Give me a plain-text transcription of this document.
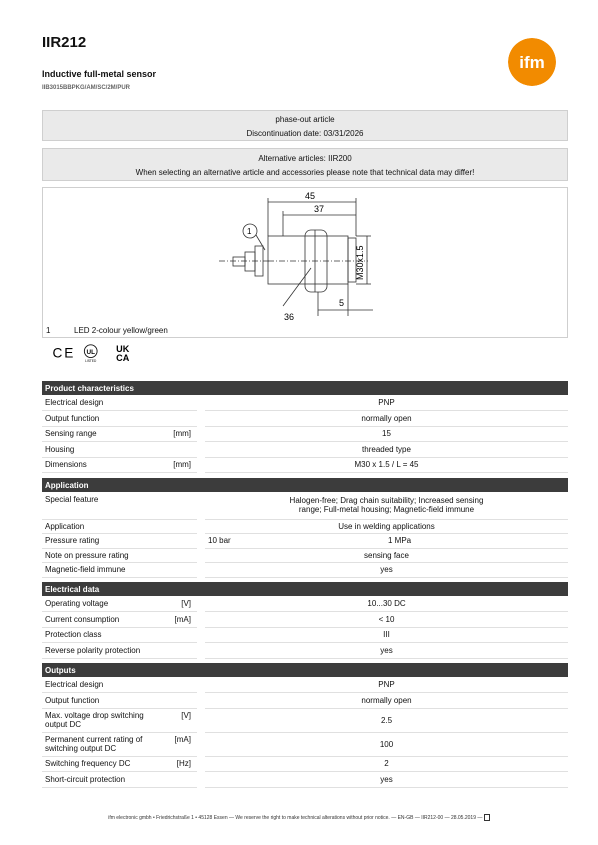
IIR212
Inductive full-metal sensor
IIB3015BBPKG/AM/SC/2M/PUR
ifm
phase-out article
Discontinuation date: 03/31/2026
Alternative articles: IIR200
When selecting an alternative article and accessories please note that technical data may differ!
45
37
M30x1.5
5
36
1
1	LED 2-colour yellow/green
CE UL
LISTED
UK
CA
Product characteristics		
Electrical design		PNP
Output function		normally open
Sensing range	[mm]	15
Housing		threaded type
Dimensions	[mm]	M30 x 1.5 / L = 45
Application		
Special feature		Halogen-free; Drag chain suitability; Increased sensing
range; Full-metal housing; Magnetic-field immune

Application		Use in welding applications
Pressure rating		10 bar 1 MPa

Note on pressure rating		sensing face
Magnetic-field immune		yes
Electrical data		
Operating voltage	[V]	10...30 DC
Current consumption	[mA]	< 10
Protection class		III
Reverse polarity protection		yes
Outputs		
Electrical design		PNP
Output function		normally open
Max. voltage drop switching output DC	[V]	2.5
Permanent current rating of switching output DC	[mA]	100
Switching frequency DC	[Hz]	2
Short-circuit protection		yes
ifm electronic gmbh • Friedrichstraße 1 • 45128 Essen — We reserve the right to make technical alterations without prior notice. — EN-GB — IIR212-00 — 28.05.2019 —
